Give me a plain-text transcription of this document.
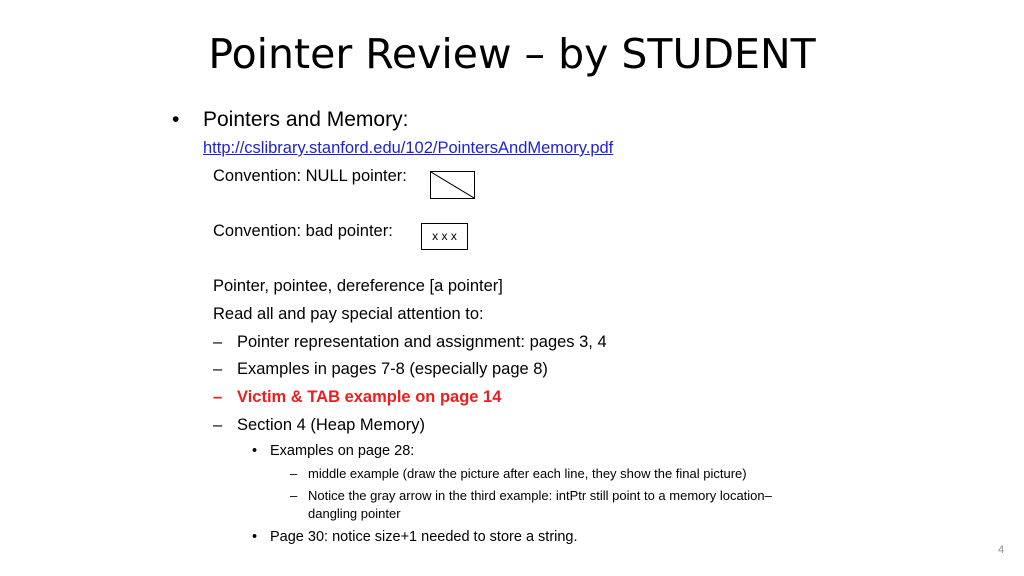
Pointer Review – by STUDENT
• Pointers and Memory:
http://cslibrary.stanford.edu/102/PointersAndMemory.pdf
Convention: NULL pointer:
Convention: bad pointer:	x x x
Pointer, pointee, dereference [a pointer]
Read all and pay special attention to:
– Pointer representation and assignment: pages 3, 4
– Examples in pages 7-8 (especially page 8)
– Victim & TAB example on page 14
– Section 4 (Heap Memory)
• Examples on page 28:
– middle example (draw the picture after each line, they show the final picture)
– Notice the gray arrow in the third example: intPtr still point to a memory location–
dangling pointer
• Page 30: notice size+1 needed to store a string.
4
